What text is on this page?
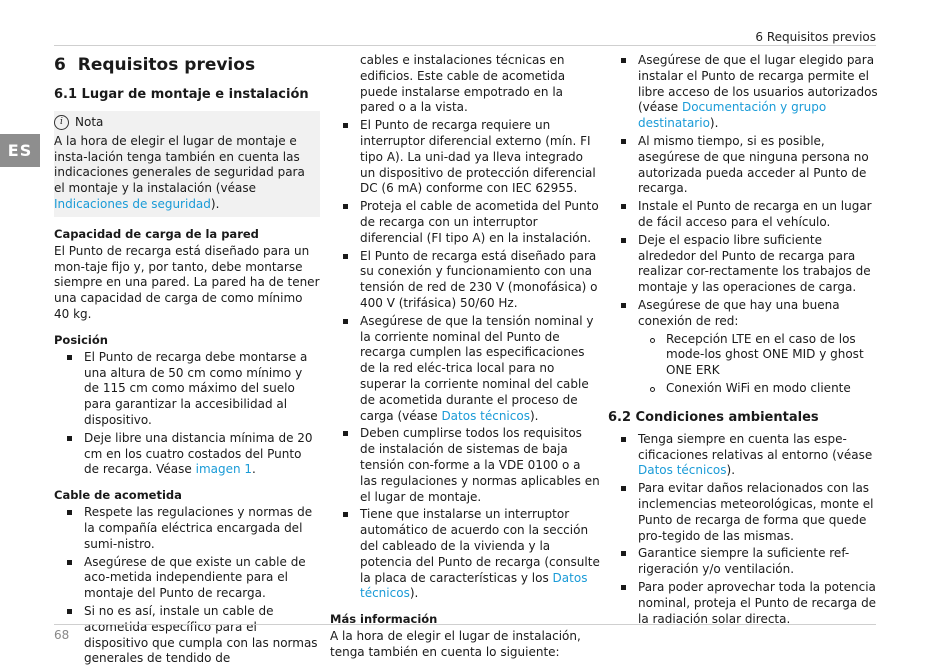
6 Requisitos previos
ES
6 Requisitos previos
6.1 Lugar de montaje e instalación
i	Nota

A la hora de elegir el lugar de montaje e insta-lación tenga también en cuenta las indicaciones generales de seguridad para el montaje y la instalación (véase Indicaciones de seguridad).

Capacidad de carga de la pared

El Punto de recarga está diseñado para un mon-taje fijo y, por tanto, debe montarse siempre en una pared. La pared ha de tener una capacidad de carga de como mínimo 40 kg.

Posición
El Punto de recarga debe montarse a una altura de 50 cm como mínimo y de 115 cm como máximo del suelo para garantizar la accesibilidad al dispositivo.
Deje libre una distancia mínima de 20 cm en los cuatro costados del Punto de recarga. Véase imagen 1.
Cable de acometida
Respete las regulaciones y normas de la compañía eléctrica encargada del sumi-nistro.
Asegúrese de que existe un cable de aco-metida independiente para el montaje del Punto de recarga.
Si no es así, instale un cable de acometida específico para el dispositivo que cumpla con las normas generales de tendido de
cables e instalaciones técnicas en edificios. Este cable de acometida puede instalarse empotrado en la pared o a la vista.
El Punto de recarga requiere un interruptor diferencial externo (mín. FI tipo A). La uni-dad ya lleva integrado un dispositivo de protección diferencial DC (6 mA) conforme con IEC 62955.
Proteja el cable de acometida del Punto de recarga con un interruptor diferencial (FI tipo A) en la instalación.
El Punto de recarga está diseñado para su conexión y funcionamiento con una tensión de red de 230 V (monofásica) o 400 V (trifásica) 50/60 Hz.
Asegúrese de que la tensión nominal y la corriente nominal del Punto de recarga cumplen las especificaciones de la red eléc-trica local para no superar la corriente nominal del cable de acometida durante el proceso de carga (véase Datos técnicos).
Deben cumplirse todos los requisitos de instalación de sistemas de baja tensión con-forme a la VDE 0100 o a las regulaciones y normas aplicables en el lugar de montaje.
Tiene que instalarse un interruptor automático de acuerdo con la sección del cableado de la vivienda y la potencia del Punto de recarga (consulte la placa de características y los Datos técnicos).
Más información

A la hora de elegir el lugar de instalación, tenga también en cuenta lo siguiente:

Asegúrese de que el lugar elegido para instalar el Punto de recarga permite el libre acceso de los usuarios autorizados (véase Documentación y grupo destinatario).
Al mismo tiempo, si es posible, asegúrese de que ninguna persona no autorizada pueda acceder al Punto de recarga.
Instale el Punto de recarga en un lugar de fácil acceso para el vehículo.
Deje el espacio libre suficiente alrededor del Punto de recarga para realizar cor-rectamente los trabajos de montaje y las operaciones de carga.
Asegúrese de que hay una buena conexión de red:
Recepción LTE en el caso de los mode-los ghost ONE MID y ghost ONE ERK
Conexión WiFi en modo cliente
6.2 Condiciones ambientales
Tenga siempre en cuenta las espe-cificaciones relativas al entorno (véase Datos técnicos).
Para evitar daños relacionados con las inclemencias meteorológicas, monte el Punto de recarga de forma que quede pro-tegido de las mismas.
Garantice siempre la suficiente ref-rigeración y/o ventilación.
Para poder aprovechar toda la potencia nominal, proteja el Punto de recarga de la radiación solar directa.
68
